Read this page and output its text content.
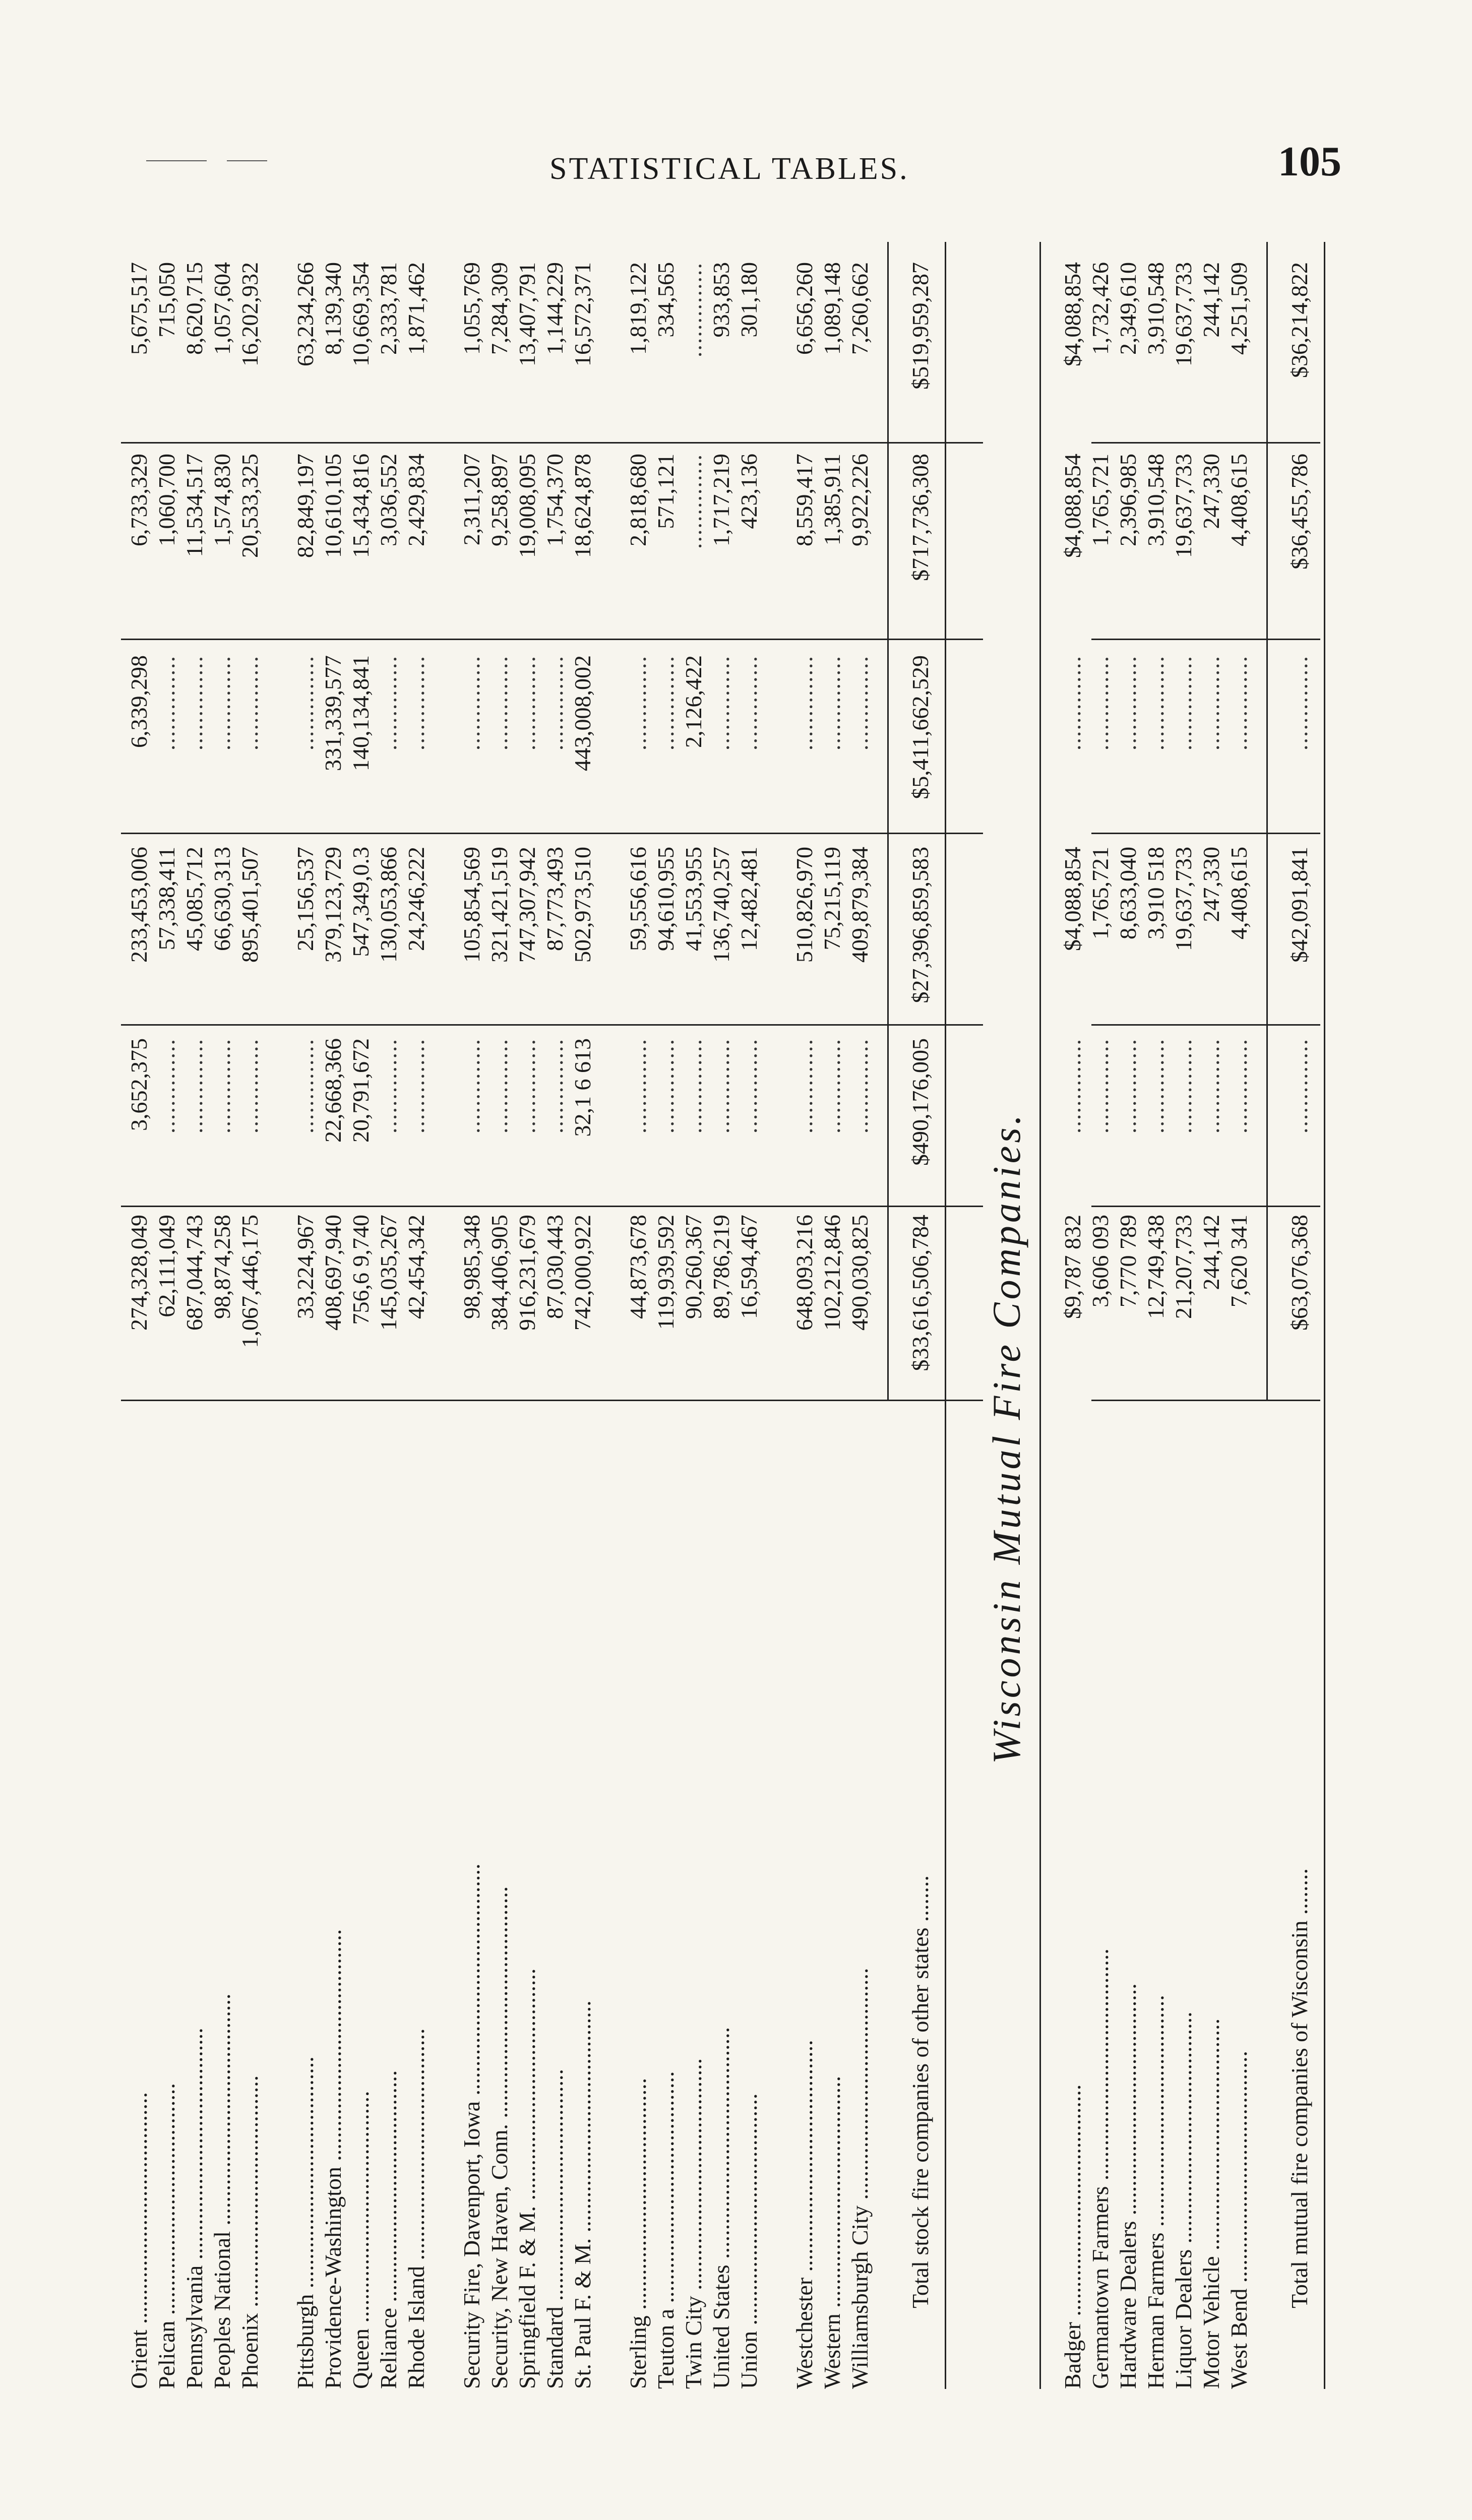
STATISTICAL TABLES.	105
Orient ........................................
274,328,049
3,652,375
233,453,006
6,339,298
6,733,329
5,675,517
Pelican ........................................
62,111,049
..............
57,338,411
..............
1,060,700
715,050
Pennsylvania ........................................
687,044,743
..............
45,085,712
..............
11,534,517
8,620,715
Peoples National ........................................
98,874,258
..............
66,630,313
..............
1,574,830
1,057,604
Phoenix ........................................
1,067,446,175
..............
895,401,507
..............
20,533,325
16,202,932
Pittsburgh ........................................
33,224,967
..............
25,156,537
..............
82,849,197
63,234,266
Providence-Washington ........................................
408,697,940
22,668,366
379,123,729
331,339,577
10,610,105
8,139,340
Queen ........................................
756,6 9,740
20,791,672
547,349,0.3
140,134,841
15,434,816
10,669,354
Reliance ........................................
145,035,267
..............
130,053,866
..............
3,036,552
2,333,781
Rhode Island ........................................
42,454,342
..............
24,246,222
..............
2,429,834
1,871,462
Security Fire, Davenport, Iowa ........................................
98,985,348
..............
105,854,569
..............
2,311,207
1,055,769
Security, New Haven, Conn. ........................................
384,406,905
..............
321,421,519
..............
9,258,897
7,284,309
Springfield F. & M. ........................................
916,231,679
..............
747,307,942
..............
19,008,095
13,407,791
Standard ........................................
87,030,443
..............
87,773,493
..............
1,754,370
1,144,229
St. Paul F. & M. ........................................
742,000,922
32,1 6 613
502,973,510
443,008,002
18,624,878
16,572,371
Sterling ........................................
44,873,678
..............
59,556,616
..............
2,818,680
1,819,122
Teuton a ........................................
119,939,592
..............
94,610,955
..............
571,121
334,565
Twin City ........................................
90,260,367
..............
41,553,955
2,126,422
..............
..............
United States ........................................
89,786,219
..............
136,740,257
..............
1,717,219
933,853
Union ........................................
16,594,467
..............
12,482,481
..............
423,136
301,180
Westchester ........................................
648,093,216
..............
510,826,970
..............
8,559,417
6,656,260
Western ........................................
102,212,846
..............
75,215,119
..............
1,385,911
1,089,148
Williamsburgh City ........................................
490,030,825
..............
409,879,384
..............
9,922,226
7,260,662
Total stock fire companies of other states ........
$33,616,506,784
$490,176,005
$27,396,859,583
$5,411,662,529
$717,736,308
$519,959,287
Wisconsin Mutual Fire Companies.
Badger ........................................
$9,787 832
..............
$4,088,854
..............
$4,088,854
$4,088,854
Germantown Farmers ........................................
3,606 093
..............
1,765,721
..............
1,765,721
1,732,426
Hardware Dealers ........................................
7,770 789
..............
8,633,040
..............
2,396,985
2,349,610
Herman Farmers ........................................
12,749,438
..............
3,910 518
..............
3,910,548
3,910,548
Liquor Dealers ........................................
21,207,733
..............
19,637,733
..............
19,637,733
19,637,733
Motor Vehicle ........................................
244,142
..............
247,330
..............
247,330
244,142
West Bend ........................................
7,620 341
..............
4,408,615
..............
4,408,615
4,251,509
Total mutual fire companies of Wisconsin ........
$63,076,368
..............
$42,091,841
..............
$36,455,786
$36,214,822
